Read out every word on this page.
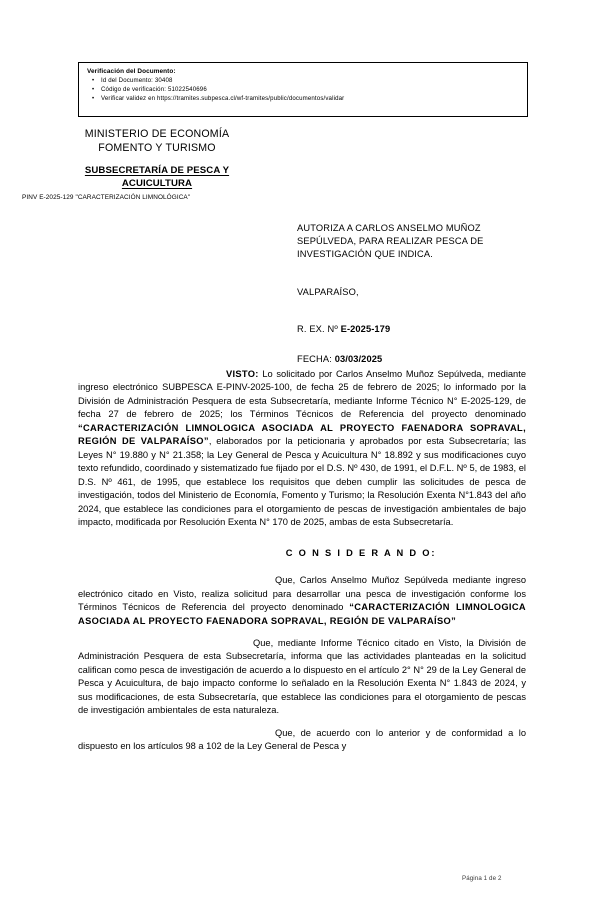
Verificación del Documento:
• Id del Documento: 30408
• Código de verificación: 51022540696
• Verificar validez en https://tramites.subpesca.cl/wf-tramites/public/documentos/validar
MINISTERIO DE ECONOMÍA
FOMENTO Y TURISMO
SUBSECRETARÍA DE PESCA Y
ACUICULTURA
PINV E-2025-129 "CARACTERIZACIÓN LIMNOLÓGICA"
AUTORIZA A CARLOS ANSELMO MUÑOZ SEPÚLVEDA, PARA REALIZAR PESCA DE INVESTIGACIÓN QUE INDICA.
VALPARAÍSO,
R. EX. Nº E-2025-179
FECHA: 03/03/2025

VISTO: Lo solicitado por Carlos Anselmo Muñoz Sepúlveda, mediante ingreso electrónico SUBPESCA E-PINV-2025-100, de fecha 25 de febrero de 2025; lo informado por la División de Administración Pesquera de esta Subsecretaría, mediante Informe Técnico N° E-2025-129, de fecha 27 de febrero de 2025; los Términos Técnicos de Referencia del proyecto denominado “CARACTERIZACIÓN LIMNOLOGICA ASOCIADA AL PROYECTO FAENADORA SOPRAVAL, REGIÓN DE VALPARAÍSO”, elaborados por la peticionaria y aprobados por esta Subsecretaría; las Leyes N° 19.880 y N° 21.358; la Ley General de Pesca y Acuicultura N° 18.892 y sus modificaciones cuyo texto refundido, coordinado y sistematizado fue fijado por el D.S. Nº 430, de 1991, el D.F.L. Nº 5, de 1983, el D.S. Nº 461, de 1995, que establece los requisitos que deben cumplir las solicitudes de pesca de investigación, todos del Ministerio de Economía, Fomento y Turismo; la Resolución Exenta N°1.843 del año 2024, que establece las condiciones para el otorgamiento de pescas de investigación ambientales de bajo impacto, modificada por Resolución Exenta N° 170 de 2025, ambas de esta Subsecretaría.

C O N S I D E R A N D O:

Que, Carlos Anselmo Muñoz Sepúlveda mediante ingreso electrónico citado en Visto, realiza solicitud para desarrollar una pesca de investigación conforme los Términos Técnicos de Referencia del proyecto denominado “CARACTERIZACIÓN LIMNOLOGICA ASOCIADA AL PROYECTO FAENADORA SOPRAVAL, REGIÓN DE VALPARAÍSO”

Que, mediante Informe Técnico citado en Visto, la División de Administración Pesquera de esta Subsecretaría, informa que las actividades planteadas en la solicitud califican como pesca de investigación de acuerdo a lo dispuesto en el artículo 2° N° 29 de la Ley General de Pesca y Acuicultura, de bajo impacto conforme lo señalado en la Resolución Exenta N° 1.843 de 2024, y sus modificaciones, de esta Subsecretaría, que establece las condiciones para el otorgamiento de pescas de investigación ambientales de esta naturaleza.

Que, de acuerdo con lo anterior y de conformidad a lo dispuesto en los artículos 98 a 102 de la Ley General de Pesca y

Página 1 de 2
